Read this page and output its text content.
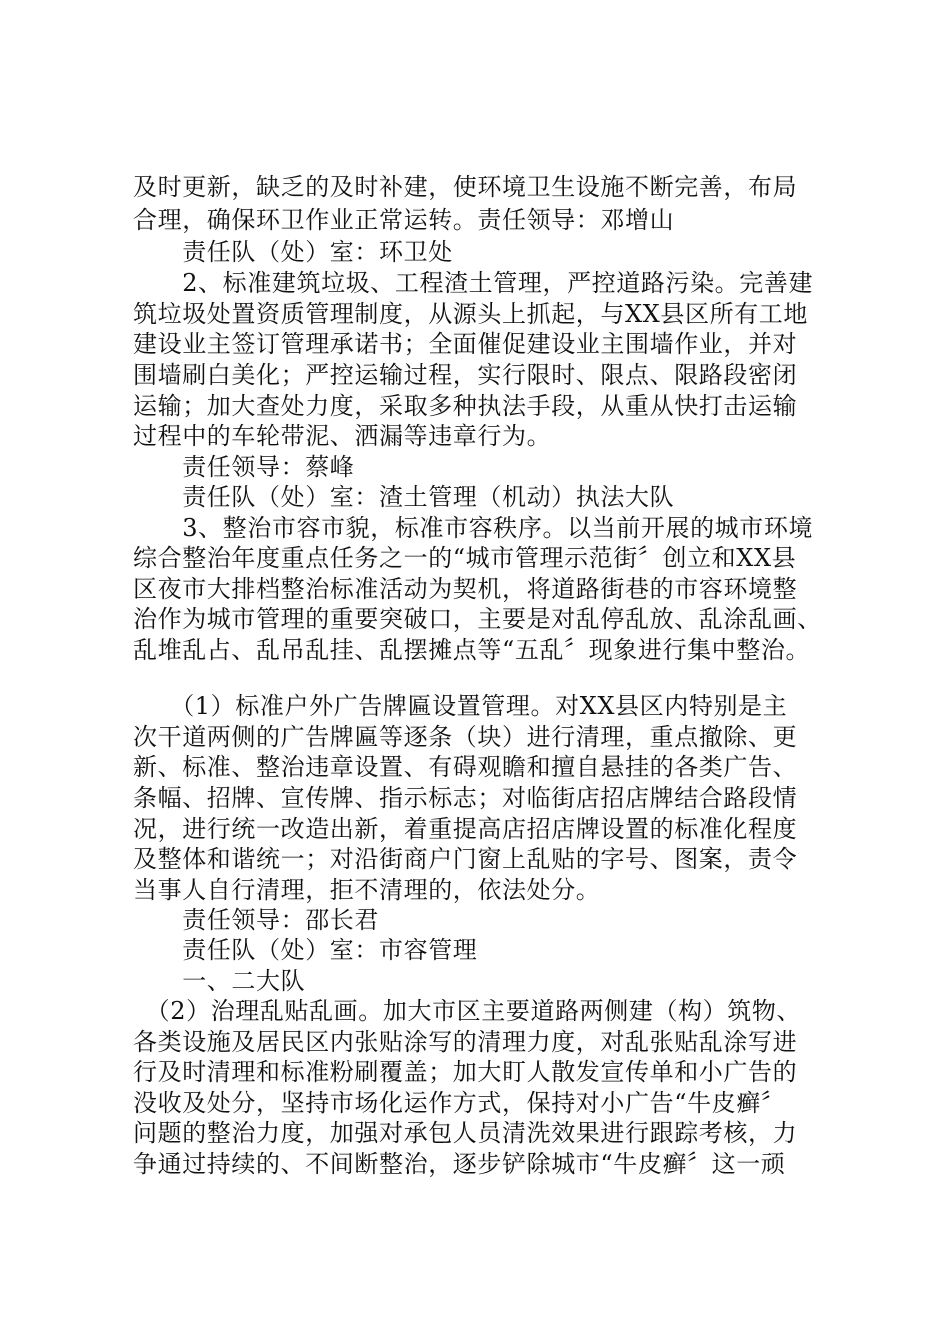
及时更新，缺乏的及时补建，使环境卫生设施不断完善，布局
合理，确保环卫作业正常运转。责任领导：邓增山
　　责任队（处）室：环卫处
　　2、标准建筑垃圾、工程渣土管理，严控道路污染。完善建
筑垃圾处置资质管理制度，从源头上抓起，与XX县区所有工地
建设业主签订管理承诺书；全面催促建设业主围墙作业，并对
围墙刷白美化；严控运输过程，实行限时、限点、限路段密闭
运输；加大查处力度，采取多种执法手段，从重从快打击运输
过程中的车轮带泥、洒漏等违章行为。
　　责任领导：蔡峰
　　责任队（处）室：渣土管理（机动）执法大队
　　3、整治市容市貌，标准市容秩序。以当前开展的城市环境
综合整治年度重点任务之一的“城市管理示范街〞创立和XX县
区夜市大排档整治标准活动为契机，将道路街巷的市容环境整
治作为城市管理的重要突破口，主要是对乱停乱放、乱涂乱画、
乱堆乱占、乱吊乱挂、乱摆摊点等“五乱〞现象进行集中整治。
　　（1）标准户外广告牌匾设置管理。对XX县区内特别是主
次干道两侧的广告牌匾等逐条（块）进行清理，重点撤除、更
新、标准、整治违章设置、有碍观瞻和擅自悬挂的各类广告、
条幅、招牌、宣传牌、指示标志；对临街店招店牌结合路段情
况，进行统一改造出新，着重提高店招店牌设置的标准化程度
及整体和谐统一；对沿街商户门窗上乱贴的字号、图案，责令
当事人自行清理，拒不清理的，依法处分。
　　责任领导：邵长君
　　责任队（处）室：市容管理
　　一、二大队
　（2）治理乱贴乱画。加大市区主要道路两侧建（构）筑物、
各类设施及居民区内张贴涂写的清理力度，对乱张贴乱涂写进
行及时清理和标准粉刷覆盖；加大盯人散发宣传单和小广告的
没收及处分，坚持市场化运作方式，保持对小广告“牛皮癣〞
问题的整治力度，加强对承包人员清洗效果进行跟踪考核，力
争通过持续的、不间断整治，逐步铲除城市“牛皮癣〞这一顽
